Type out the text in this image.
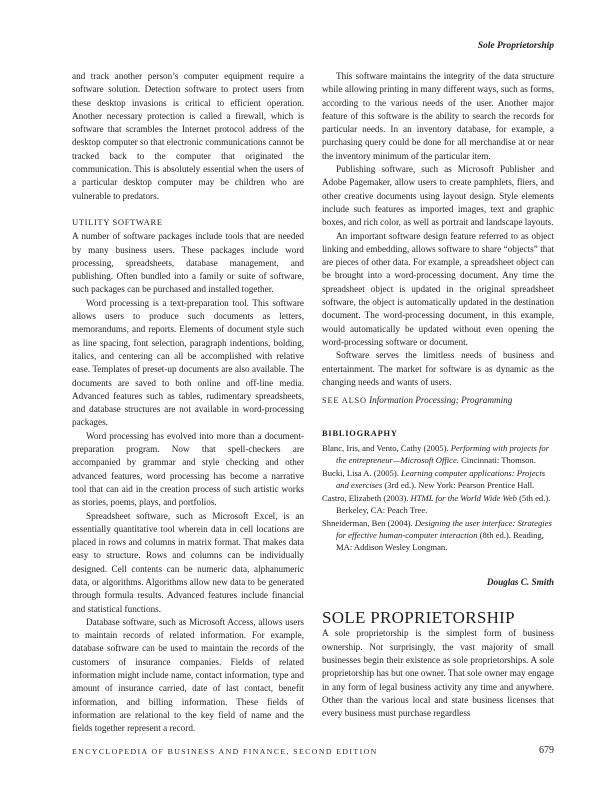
Sole Proprietorship

and track another person’s computer equipment require a software solution. Detection software to protect users from these desktop invasions is critical to efficient operation. Another necessary protection is called a firewall, which is software that scrambles the Internet protocol address of the desktop computer so that electronic communications cannot be tracked back to the computer that originated the communication. This is absolutely essential when the users of a particular desktop computer may be children who are vulnerable to predators.

UTILITY SOFTWARE

A number of software packages include tools that are needed by many business users. These packages include word processing, spreadsheets, database management, and publishing. Often bundled into a family or suite of software, such packages can be purchased and installed together.

Word processing is a text-preparation tool. This software allows users to produce such documents as letters, memorandums, and reports. Elements of document style such as line spacing, font selection, paragraph indentions, bolding, italics, and centering can all be accomplished with relative ease. Templates of preset-up documents are also available. The documents are saved to both online and off-line media. Advanced features such as tables, rudimentary spreadsheets, and database structures are not available in word-processing packages.

Word processing has evolved into more than a document-preparation program. Now that spell-checkers are accompanied by grammar and style checking and other advanced features, word processing has become a narrative tool that can aid in the creation process of such artistic works as stories, poems, plays, and portfolios.

Spreadsheet software, such as Microsoft Excel, is an essentially quantitative tool wherein data in cell locations are placed in rows and columns in matrix format. That makes data easy to structure. Rows and columns can be individually designed. Cell contents can be numeric data, alphanumeric data, or algorithms. Algorithms allow new data to be generated through formula results. Advanced features include financial and statistical functions.

Database software, such as Microsoft Access, allows users to maintain records of related information. For example, database software can be used to maintain the records of the customers of insurance companies. Fields of related information might include name, contact information, type and amount of insurance carried, date of last contact, benefit information, and billing information. These fields of information are relational to the key field of name and the fields together represent a record.

This software maintains the integrity of the data structure while allowing printing in many different ways, such as forms, according to the various needs of the user. Another major feature of this software is the ability to search the records for particular needs. In an inventory database, for example, a purchasing query could be done for all merchandise at or near the inventory minimum of the particular item.

Publishing software, such as Microsoft Publisher and Adobe Pagemaker, allow users to create pamphlets, fliers, and other creative documents using layout design. Style elements include such features as imported images, text and graphic boxes, and rich color, as well as portrait and landscape layouts.

An important software design feature referred to as object linking and embedding, allows software to share “objects” that are pieces of other data. For example, a spreadsheet object can be brought into a word-processing document. Any time the spreadsheet object is updated in the original spreadsheet software, the object is automatically updated in the destination document. The word-processing document, in this example, would automatically be updated without even opening the word-processing software or document.

Software serves the limitless needs of business and entertainment. The market for software is as dynamic as the changing needs and wants of users.

SEE ALSO Information Processing; Programming

BIBLIOGRAPHY
Blanc, Iris, and Vento, Cathy (2005). Performing with projects for the entrepreneur—Microsoft Office. Cincinnati: Thomson.
Bucki, Lisa A. (2005). Learning computer applications: Projects and exercises (3rd ed.). New York: Pearson Prentice Hall.
Castro, Elizabeth (2003). HTML for the World Wide Web (5th ed.). Berkeley, CA: Peach Tree.
Shneiderman, Ben (2004). Designing the user interface: Strategies for effective human-computer interaction (8th ed.). Reading, MA: Addison Wesley Longman.
Douglas C. Smith
SOLE PROPRIETORSHIP

A sole proprietorship is the simplest form of business ownership. Not surprisingly, the vast majority of small businesses begin their existence as sole proprietorships. A sole proprietorship has but one owner. That sole owner may engage in any form of legal business activity any time and anywhere. Other than the various local and state business licenses that every business must purchase regardless

ENCYCLOPEDIA OF BUSINESS AND FINANCE, SECOND EDITION	679
